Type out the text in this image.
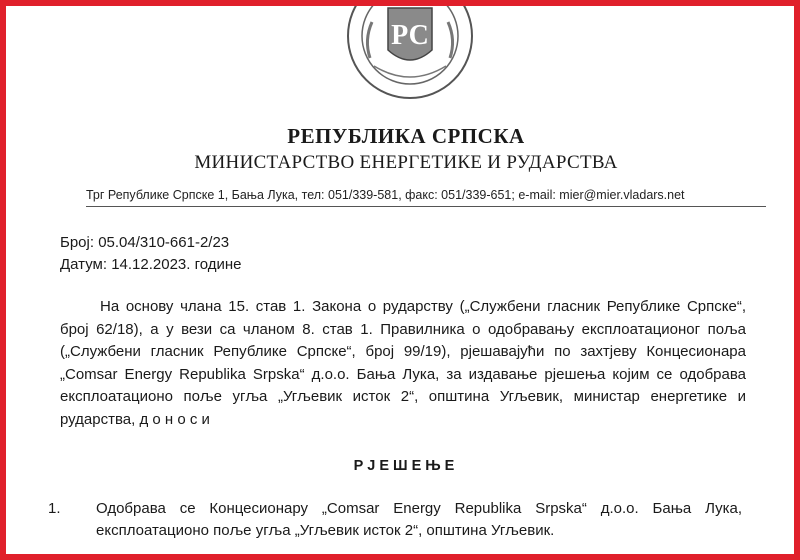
РС
РЕПУБЛИКА СРПСКА
МИНИСТАРСТВО ЕНЕРГЕТИКЕ И РУДАРСТВА
Трг Републике Српске 1, Бања Лука, тел: 051/339-581, факс: 051/339-651; e-mail: mier@mier.vladars.net
Број: 05.04/310-661-2/23
Датум: 14.12.2023. године
На основу члана 15. став 1. Закона о рударству („Службени гласник Републике Српске“, број 62/18), а у вези са чланом 8. став 1. Правилника о одобравању експлоатационог поља („Службени гласник Републике Српске“, број 99/19), рјешавајући по захтјеву Концесионара „Comsar Energy Republika Srpska“ д.о.о. Бања Лука, за издавање рјешења којим се одобрава експлоатационо поље угља „Угљевик исток 2“, општина Угљевик, министар енергетике и рударства, д о н о с и
РЈЕШЕЊЕ
1.	Одобрава се Концесионару „Comsar Energy Republika Srpska“ д.о.о. Бања Лука, експлоатационо поље угља „Угљевик исток 2“, општина Угљевик.
